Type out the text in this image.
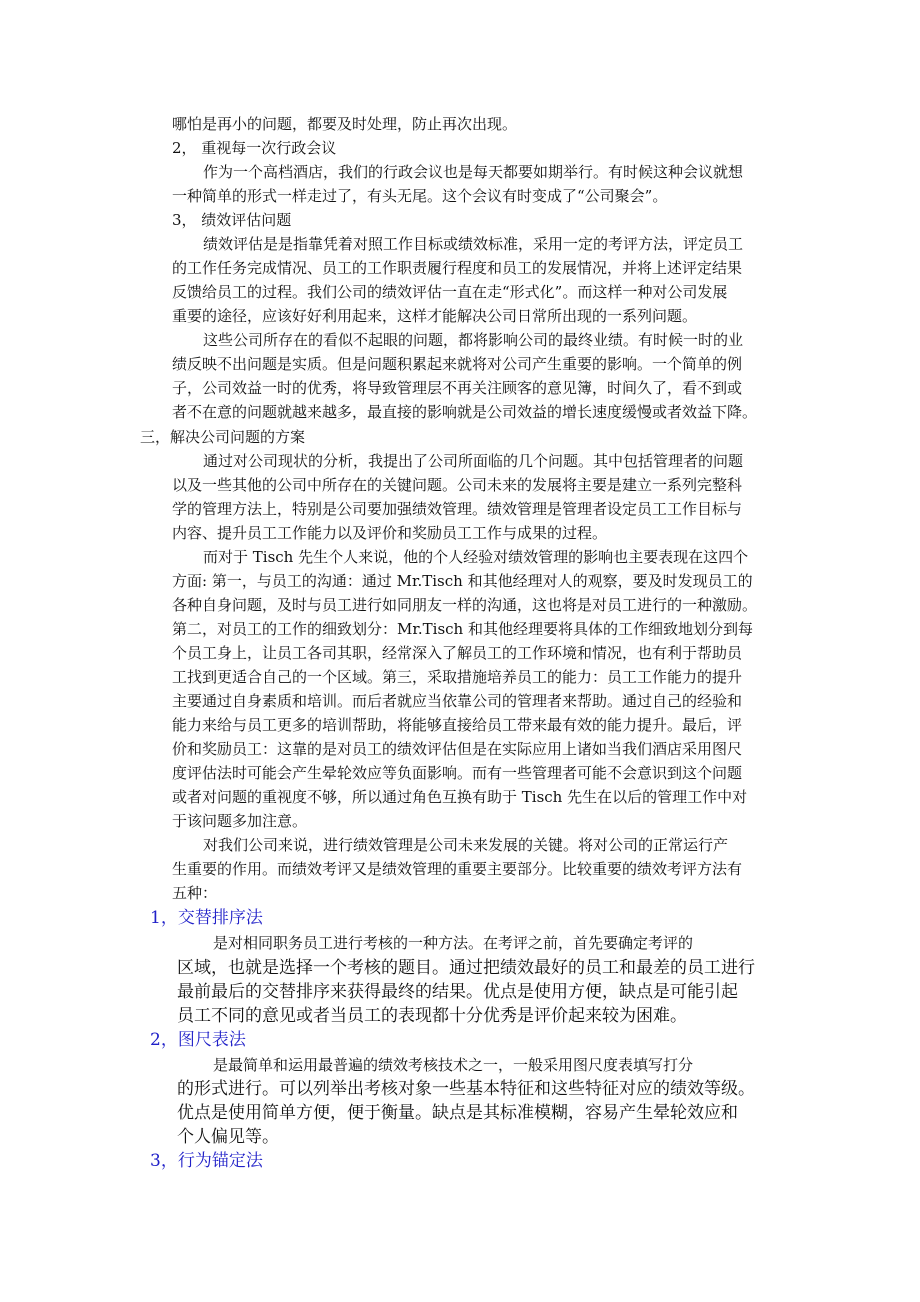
哪怕是再小的问题，都要及时处理，防止再次出现。

2， 重视每一次行政会议

作为一个高档酒店，我们的行政会议也是每天都要如期举行。有时候这种会议就想

一种简单的形式一样走过了，有头无尾。这个会议有时变成了“公司聚会”。

3， 绩效评估问题

绩效评估是是指靠凭着对照工作目标或绩效标准，采用一定的考评方法，评定员工

的工作任务完成情况、员工的工作职责履行程度和员工的发展情况，并将上述评定结果

反馈给员工的过程。我们公司的绩效评估一直在走“形式化”。而这样一种对公司发展

重要的途径，应该好好利用起来，这样才能解决公司日常所出现的一系列问题。

这些公司所存在的看似不起眼的问题，都将影响公司的最终业绩。有时候一时的业

绩反映不出问题是实质。但是问题积累起来就将对公司产生重要的影响。一个简单的例

子，公司效益一时的优秀，将导致管理层不再关注顾客的意见簿，时间久了，看不到或

者不在意的问题就越来越多，最直接的影响就是公司效益的增长速度缓慢或者效益下降。

三，解决公司问题的方案

通过对公司现状的分析，我提出了公司所面临的几个问题。其中包括管理者的问题

以及一些其他的公司中所存在的关键问题。公司未来的发展将主要是建立一系列完整科

学的管理方法上，特别是公司要加强绩效管理。绩效管理是管理者设定员工工作目标与

内容、提升员工工作能力以及评价和奖励员工工作与成果的过程。

而对于 Tisch 先生个人来说，他的个人经验对绩效管理的影响也主要表现在这四个

方面: 第一，与员工的沟通：通过 Mr.Tisch 和其他经理对人的观察，要及时发现员工的

各种自身问题，及时与员工进行如同朋友一样的沟通，这也将是对员工进行的一种激励。

第二，对员工的工作的细致划分：Mr.Tisch 和其他经理要将具体的工作细致地划分到每

个员工身上，让员工各司其职，经常深入了解员工的工作环境和情况，也有利于帮助员

工找到更适合自己的一个区域。第三，采取措施培养员工的能力：员工工作能力的提升

主要通过自身素质和培训。而后者就应当依靠公司的管理者来帮助。通过自己的经验和

能力来给与员工更多的培训帮助，将能够直接给员工带来最有效的能力提升。最后，评

价和奖励员工：这靠的是对员工的绩效评估但是在实际应用上诸如当我们酒店采用图尺

度评估法时可能会产生晕轮效应等负面影响。而有一些管理者可能不会意识到这个问题

或者对问题的重视度不够，所以通过角色互换有助于 Tisch 先生在以后的管理工作中对

于该问题多加注意。

对我们公司来说，进行绩效管理是公司未来发展的关键。将对公司的正常运行产

生重要的作用。而绩效考评又是绩效管理的重要主要部分。比较重要的绩效考评方法有

五种：

1，交替排序法

是对相同职务员工进行考核的一种方法。在考评之前，首先要确定考评的

区域，也就是选择一个考核的题目。通过把绩效最好的员工和最差的员工进行

最前最后的交替排序来获得最终的结果。优点是使用方便，缺点是可能引起

员工不同的意见或者当员工的表现都十分优秀是评价起来较为困难。

2，图尺表法

是最简单和运用最普遍的绩效考核技术之一，一般采用图尺度表填写打分

的形式进行。可以列举出考核对象一些基本特征和这些特征对应的绩效等级。

优点是使用简单方便，便于衡量。缺点是其标准模糊，容易产生晕轮效应和

个人偏见等。

3，行为锚定法
